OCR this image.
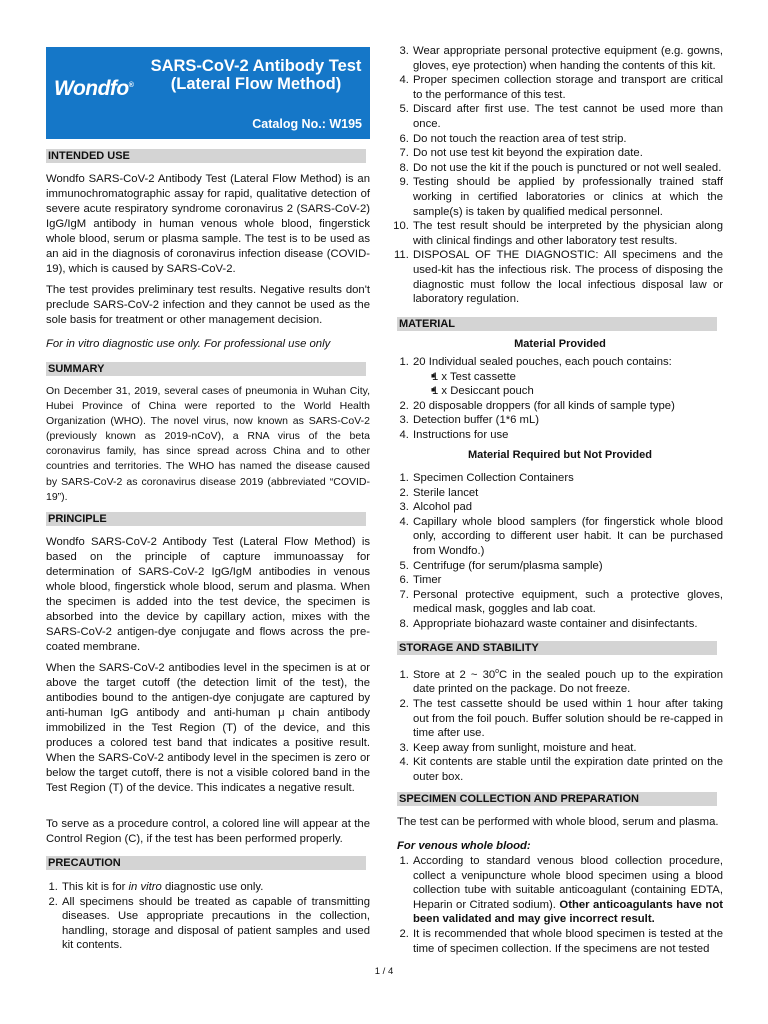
Wondfo®
SARS-CoV-2 Antibody Test (Lateral Flow Method)
Catalog No.: W195
INTENDED USE
Wondfo SARS-CoV-2 Antibody Test (Lateral Flow Method) is an immunochromatographic assay for rapid, qualitative detection of severe acute respiratory syndrome coronavirus 2 (SARS-CoV-2) IgG/IgM antibody in human venous whole blood, fingerstick whole blood, serum or plasma sample. The test is to be used as an aid in the diagnosis of coronavirus infection disease (COVID-19), which is caused by SARS-CoV-2.
The test provides preliminary test results. Negative results don't preclude SARS-CoV-2 infection and they cannot be used as the sole basis for treatment or other management decision.
For in vitro diagnostic use only. For professional use only
SUMMARY
On December 31, 2019, several cases of pneumonia in Wuhan City, Hubei Province of China were reported to the World Health Organization (WHO). The novel virus, now known as SARS-CoV-2 (previously known as 2019-nCoV), a RNA virus of the beta coronavirus family, has since spread across China and to other countries and territories. The WHO has named the disease caused by SARS-CoV-2 as coronavirus disease 2019 (abbreviated “COVID-19”).
PRINCIPLE
Wondfo SARS-CoV-2 Antibody Test (Lateral Flow Method) is based on the principle of capture immunoassay for determination of SARS-CoV-2 IgG/IgM antibodies in venous whole blood, fingerstick whole blood, serum and plasma. When the specimen is added into the test device, the specimen is absorbed into the device by capillary action, mixes with the SARS-CoV-2 antigen-dye conjugate and flows across the pre-coated membrane.
When the SARS-CoV-2 antibodies level in the specimen is at or above the target cutoff (the detection limit of the test), the antibodies bound to the antigen-dye conjugate are captured by anti-human IgG antibody and anti-human μ chain antibody immobilized in the Test Region (T) of the device, and this produces a colored test band that indicates a positive result. When the SARS-CoV-2 antibody level in the specimen is zero or below the target cutoff, there is not a visible colored band in the Test Region (T) of the device. This indicates a negative result.
To serve as a procedure control, a colored line will appear at the Control Region (C), if the test has been performed properly.
PRECAUTION
1. This kit is for in vitro diagnostic use only.
2. All specimens should be treated as capable of transmitting diseases. Use appropriate precautions in the collection, handling, storage and disposal of patient samples and used kit contents.
3. Wear appropriate personal protective equipment (e.g. gowns, gloves, eye protection) when handing the contents of this kit.
4. Proper specimen collection storage and transport are critical to the performance of this test.
5. Discard after first use. The test cannot be used more than once.
6. Do not touch the reaction area of test strip.
7. Do not use test kit beyond the expiration date.
8. Do not use the kit if the pouch is punctured or not well sealed.
9. Testing should be applied by professionally trained staff working in certified laboratories or clinics at which the sample(s) is taken by qualified medical personnel.
10. The test result should be interpreted by the physician along with clinical findings and other laboratory test results.
11. DISPOSAL OF THE DIAGNOSTIC: All specimens and the used-kit has the infectious risk. The process of disposing the diagnostic must follow the local infectious disposal law or laboratory regulation.
MATERIAL
Material Provided
1. 20 Individual sealed pouches, each pouch contains:
■ 1 x Test cassette
■ 1 x Desiccant pouch
2. 20 disposable droppers (for all kinds of sample type)
3. Detection buffer (1*6 mL)
4. Instructions for use
Material Required but Not Provided
1. Specimen Collection Containers
2. Sterile lancet
3. Alcohol pad
4. Capillary whole blood samplers (for fingerstick whole blood only, according to different user habit. It can be purchased from Wondfo.)
5. Centrifuge (for serum/plasma sample)
6. Timer
7. Personal protective equipment, such a protective gloves, medical mask, goggles and lab coat.
8. Appropriate biohazard waste container and disinfectants.
STORAGE AND STABILITY
1. Store at 2 ~ 30$^o$C in the sealed pouch up to the expiration date printed on the package. Do not freeze.
2. The test cassette should be used within 1 hour after taking out from the foil pouch. Buffer solution should be re-capped in time after use.
3. Keep away from sunlight, moisture and heat.
4. Kit contents are stable until the expiration date printed on the outer box.
SPECIMEN COLLECTION AND PREPARATION
The test can be performed with whole blood, serum and plasma.
For venous whole blood:
1. According to standard venous blood collection procedure, collect a venipuncture whole blood specimen using a blood collection tube with suitable anticoagulant (containing EDTA, Heparin or Citrated sodium). Other anticoagulants have not been validated and may give incorrect result.
2. It is recommended that whole blood specimen is tested at the time of specimen collection. If the specimens are not tested
1 / 4
